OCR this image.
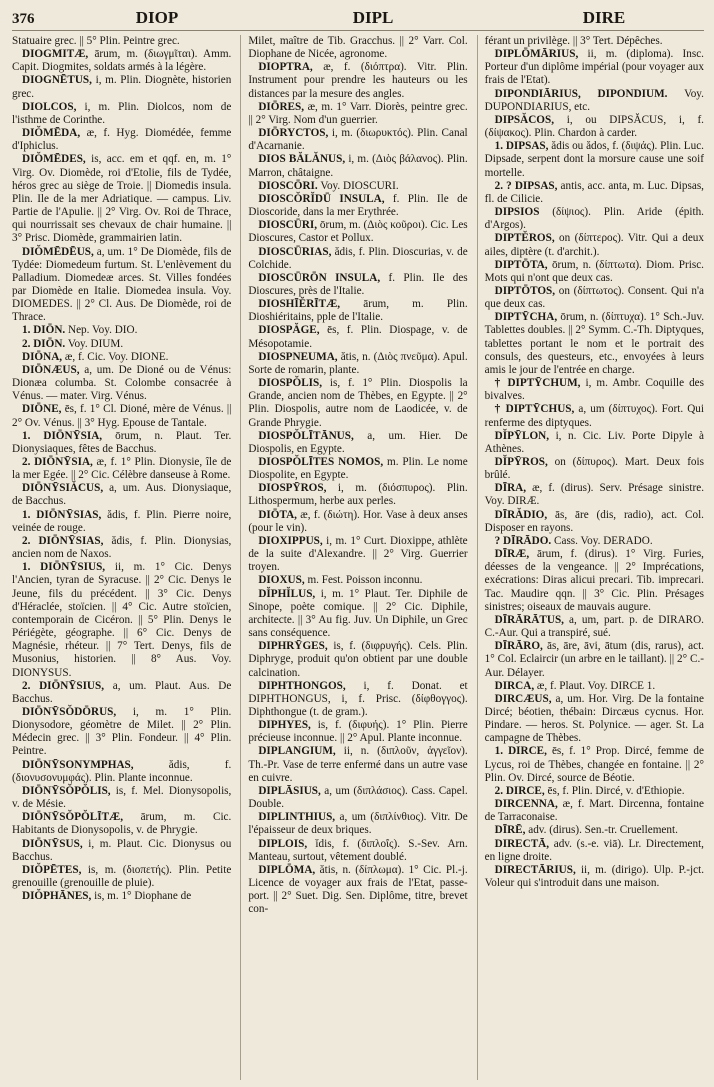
376	DIOP	DIPL	DIRE

Statuaire grec. || 5° Plin. Peintre grec.

DIOGMITÆ, ārum, m. (διωγμῖται). Amm. Capit. Diogmites, soldats armés à la légère.

DIOGNĒTUS, i, m. Plin. Diognète, historien grec.

DIOLCOS, i, m. Plin. Diolcos, nom de l'isthme de Corinthe.

DIŎMĒDA, æ, f. Hyg. Diomédée, femme d'Iphiclus.

DIŎMĒDES, is, acc. em et qqf. en, m. 1° Virg. Ov. Diomède, roi d'Etolie, fils de Tydée, héros grec au siège de Troie. || Diomedis insula. Plin. Ile de la mer Adriatique. — campus. Liv. Partie de l'Apulie. || 2° Virg. Ov. Roi de Thrace, qui nourrissait ses chevaux de chair humaine. || 3° Prisc. Diomède, grammairien latin.

DIŎMĒDĒUS, a, um. 1° De Diomède, fils de Tydée: Diomedeum furtum. St. L'enlèvement du Palladium. Diomedeæ arces. St. Villes fondées par Diomède en Italie. Diomedea insula. Voy. DIOMEDES. || 2° Cl. Aus. De Diomède, roi de Thrace.

1. DIŌN. Nep. Voy. DIO.

2. DIŌN. Voy. DIUM.

DIŌNA, æ, f. Cic. Voy. DIONE.

DIŌNÆUS, a, um. De Dioné ou de Vénus: Dionæa columba. St. Colombe consacrée à Vénus. — mater. Virg. Vénus.

DIŌNE, ēs, f. 1° Cl. Dioné, mère de Vénus. || 2° Ov. Vénus. || 3° Hyg. Epouse de Tantale.

1. DIŌNȲSIA, ōrum, n. Plaut. Ter. Dionysiaques, fêtes de Bacchus.

2. DIŌNȲSIA, æ, f. 1° Plin. Dionysie, île de la mer Egée. || 2° Cic. Célèbre danseuse à Rome.

DIŌNȲSIĂCUS, a, um. Aus. Dionysiaque, de Bacchus.

1. DIŌNȲSIAS, ădis, f. Plin. Pierre noire, veinée de rouge.

2. DIŌNȲSIAS, ădis, f. Plin. Dionysias, ancien nom de Naxos.

1. DIŌNȲSIUS, ii, m. 1° Cic. Denys l'Ancien, tyran de Syracuse. || 2° Cic. Denys le Jeune, fils du précédent. || 3° Cic. Denys d'Héraclée, stoïcien. || 4° Cic. Autre stoïcien, contemporain de Cicéron. || 5° Plin. Denys le Périégète, géographe. || 6° Cic. Denys de Magnésie, rhéteur. || 7° Tert. Denys, fils de Musonius, historien. || 8° Aus. Voy. DIONYSUS.

2. DIŌNȲSIUS, a, um. Plaut. Aus. De Bacchus.

DIŌNȲSŎDŌRUS, i, m. 1° Plin. Dionysodore, géomètre de Milet. || 2° Plin. Médecin grec. || 3° Plin. Fondeur. || 4° Plin. Peintre.

DIŌNȲSONYMPHAS,	ădis, f. (διονυσονυμφάς). Plin. Plante inconnue.

DIŌNȲSŎPŎLIS, is, f. Mel. Dionysopolis, v. de Mésie.

DIŌNȲSŎPŎLĪTÆ, ārum, m. Cic. Habitants de Dionysopolis, v. de Phrygie.

DIŌNȲSUS, i, m. Plaut. Cic. Dionysus ou Bacchus.

DIŎPĒTES, is, m. (διοπετής). Plin. Petite grenouille (grenouille de pluie).

DIŎPHĀNES, is, m. 1° Diophane de

Milet, maître de Tib. Gracchus. || 2° Varr. Col. Diophane de Nicée, agronome.

DIOPTRA, æ, f. (διόπτρα). Vitr. Plin. Instrument pour prendre les hauteurs ou les distances par la mesure des angles.

DIŌRES, æ, m. 1° Varr. Diorès, peintre grec. || 2° Virg. Nom d'un guerrier.

DIŌRYCTOS, i, m. (διωρυκτός). Plin. Canal d'Acarnanie.

DIOS BĂLĂNUS, i, m. (Διὸς βάλανος). Plin. Marron, châtaigne.

DIOSCŌRI. Voy. DIOSCURI.

DIOSCŎRĬDŪ INSULA, f. Plin. Ile de Dioscoride, dans la mer Erythrée.

DIOSCŪRI, ōrum, m. (Διὸς κοῦροι). Cic. Les Dioscures, Castor et Pollux.

DIOSCŪRIAS, ădis, f. Plin. Dioscurias, v. de Colchide.

DIOSCŪRŌN INSULA, f. Plin. Ile des Dioscures, près de l'Italie.

DIOSHĪĔRĪTÆ, ārum, m. Plin. Dioshiéritains, pple de l'Italie.

DIOSPĂGE, ēs, f. Plin. Diospage, v. de Mésopotamie.

DIOSPNEUMA, ătis, n. (Διὸς πνεῦμα). Apul. Sorte de romarin, plante.

DIOSPŎLIS, is, f. 1° Plin. Diospolis la Grande, ancien nom de Thèbes, en Egypte. || 2° Plin. Diospolis, autre nom de Laodicée, v. de Grande Phrygie.

DIOSPŎLĪTĀNUS, a, um. Hier. De Diospolis, en Egypte.

DIOSPŎLĪTES NOMOS, m. Plin. Le nome Diospolite, en Egypte.

DIOSPȲROS, i, m. (διόσπυρος). Plin. Lithospermum, herbe aux perles.

DIŌTA, æ, f. (διώτη). Hor. Vase à deux anses (pour le vin).

DIOXIPPUS, i, m. 1° Curt. Dioxippe, athlète de la suite d'Alexandre. || 2° Virg. Guerrier troyen.

DIOXUS, m. Fest. Poisson inconnu.

DĬPHĬLUS, i, m. 1° Plaut. Ter. Diphile de Sinope, poète comique. || 2° Cic. Diphile, architecte. || 3° Au fig. Juv. Un Diphile, un Grec sans conséquence.

DIPHRȲGES, is, f. (διφρυγής). Cels. Plin. Diphryge, produit qu'on obtient par une double calcination.

DIPHTHONGOS, i, f. Donat. et DIPHTHONGUS, i, f. Prisc. (δίφθογγος). Diphthongue (t. de gram.).

DIPHYES, is, f. (διφυής). 1° Plin. Pierre précieuse inconnue. || 2° Apul. Plante inconnue.

DIPLANGIUM, ii, n. (διπλοῦν, ἀγγεῖον). Th.-Pr. Vase de terre enfermé dans un autre vase en cuivre.

DIPLĀSIUS, a, um (διπλάσιος). Cass. Capel. Double.

DIPLINTHIUS, a, um (διπλίνθιος). Vitr. De l'épaisseur de deux briques.

DIPLOIS, ĭdis, f. (διπλοΐς). S.-Sev. Arn. Manteau, surtout, vêtement doublé.

DIPLŌMA, ătis, n. (δίπλωμα). 1° Cic. Pl.-j. Licence de voyager aux frais de l'Etat, passe-port. || 2° Suet. Dig. Sen. Diplôme, titre, brevet con-

férant un privilège. || 3° Tert. Dépêches.

DIPLŌMĀRIUS, ii, m. (diploma). Insc. Porteur d'un diplôme impérial (pour voyager aux frais de l'Etat).

DIPONDIĀRIUS, DIPONDIUM. Voy. DUPONDIARIUS, etc.

DIPSĂCOS, i, ou DIPSĂCUS, i, f. (δίψακος). Plin. Chardon à carder.

1. DIPSAS, ădis ou ădos, f. (διψάς). Plin. Luc. Dipsade, serpent dont la morsure cause une soif mortelle.

2. ? DIPSAS, antis, acc. anta, m. Luc. Dipsas, fl. de Cilicie.

DIPSIOS (δίψιος). Plin. Aride (épith. d'Argos).

DIPTĔROS, on (δίπτερος). Vitr. Qui a deux ailes, diptère (t. d'archit.).

DIPTŌTA, ōrum, n. (δίπτωτα). Diom. Prisc. Mots qui n'ont que deux cas.

DIPTŌTOS, on (δίπτωτος). Consent. Qui n'a que deux cas.

DIPTȲCHA, ōrum, n. (δίπτυχα). 1° Sch.-Juv. Tablettes doubles. || 2° Symm. C.-Th. Diptyques, tablettes portant le nom et le portrait des consuls, des questeurs, etc., envoyées à leurs amis le jour de l'entrée en charge.

† DIPTȲCHUM, i, m. Ambr. Coquille des bivalves.

† DIPTȲCHUS, a, um (δίπτυχος). Fort. Qui renferme des diptyques.

DĬPȲLON, i, n. Cic. Liv. Porte Dipyle à Athènes.

DĬPȲROS, on (δίπυρος). Mart. Deux fois brûlé.

DĪRA, æ, f. (dirus). Serv. Présage sinistre. Voy. DIRÆ.

DĪRĂDIO, ās, āre (dis, radio), act. Col. Disposer en rayons.

? DĪRĀDO. Cass. Voy. DERADO.

DĪRÆ, ārum, f. (dirus). 1° Virg. Furies, déesses de la vengeance. || 2° Imprécations, exécrations: Diras alicui precari. Tib. imprecari. Tac. Maudire qqn. || 3° Cic. Plin. Présages sinistres; oiseaux de mauvais augure.

DĪRĀRĀTUS, a, um, part. p. de DIRARO. C.-Aur. Qui a transpiré, sué.

DĪRĀRO, ās, āre, āvi, ātum (dis, rarus), act. 1° Col. Eclaircir (un arbre en le taillant). || 2° C.-Aur. Délayer.

DIRCA, æ, f. Plaut. Voy. DIRCE 1.

DIRCÆUS, a, um. Hor. Virg. De la fontaine Dircé; béotien, thébain: Dircæus cycnus. Hor. Pindare. — heros. St. Polynice. — ager. St. La campagne de Thèbes.

1. DIRCE, ēs, f. 1° Prop. Dircé, femme de Lycus, roi de Thèbes, changée en fontaine. || 2° Plin. Ov. Dircé, source de Béotie.

2. DIRCE, ēs, f. Plin. Dircé, v. d'Ethiopie.

DIRCENNA, æ, f. Mart. Dircenna, fontaine de Tarraconaise.

DĪRĒ, adv. (dirus). Sen.-tr. Cruellement.

DIRECTĀ, adv. (s.-e. viā). Lr. Directement, en ligne droite.

DIRECTĀRIUS, ii, m. (dirigo). Ulp. P.-jct. Voleur qui s'introduit dans une maison.
